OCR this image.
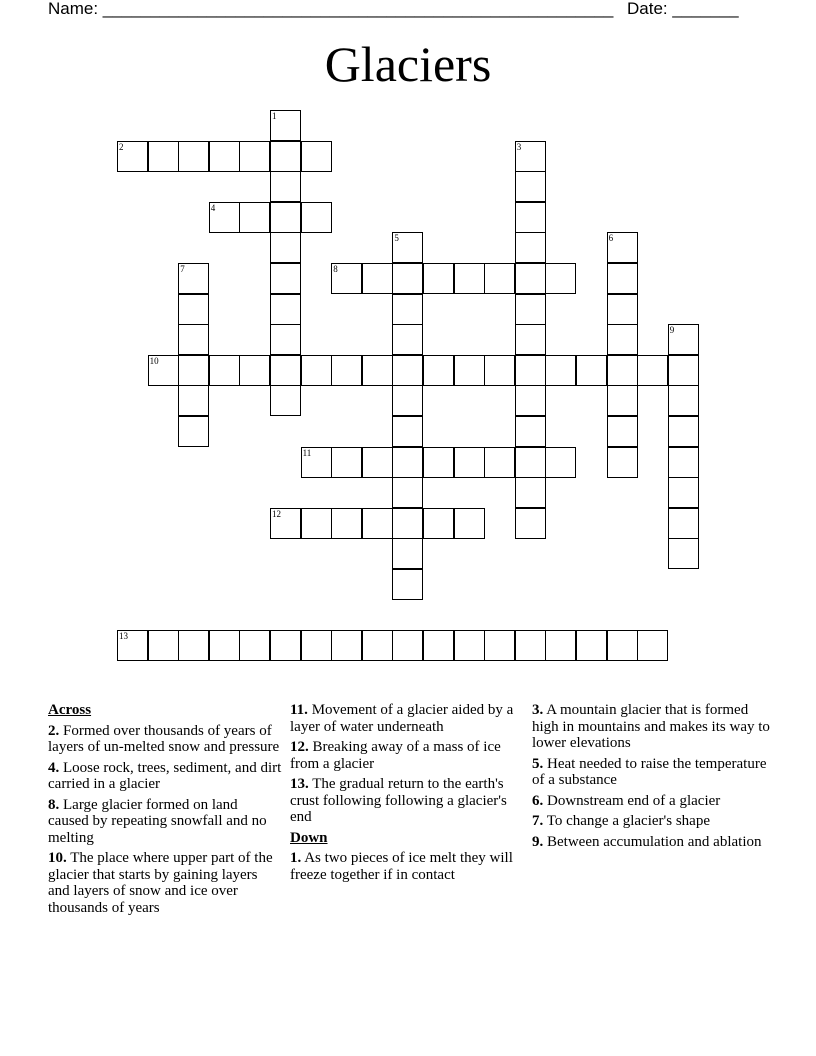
Name: ______________________________________________________ Date: _______
Glaciers
1
2	3
4
5	6
7	8
9
10
11
12
13
Across
2. Formed over thousands of years of layers of un-melted snow and pressure
4. Loose rock, trees, sediment, and dirt carried in a glacier
8. Large glacier formed on land caused by repeating snowfall and no melting
10. The place where upper part of the glacier that starts by gaining layers and layers of snow and ice over thousands of years
11. Movement of a glacier aided by a layer of water underneath
12. Breaking away of a mass of ice from a glacier
13. The gradual return to the earth's crust following following a glacier's end
Down
1. As two pieces of ice melt they will freeze together if in contact
3. A mountain glacier that is formed high in mountains and makes its way to lower elevations
5. Heat needed to raise the temperature of a substance
6. Downstream end of a glacier
7. To change a glacier's shape
9. Between accumulation and ablation
